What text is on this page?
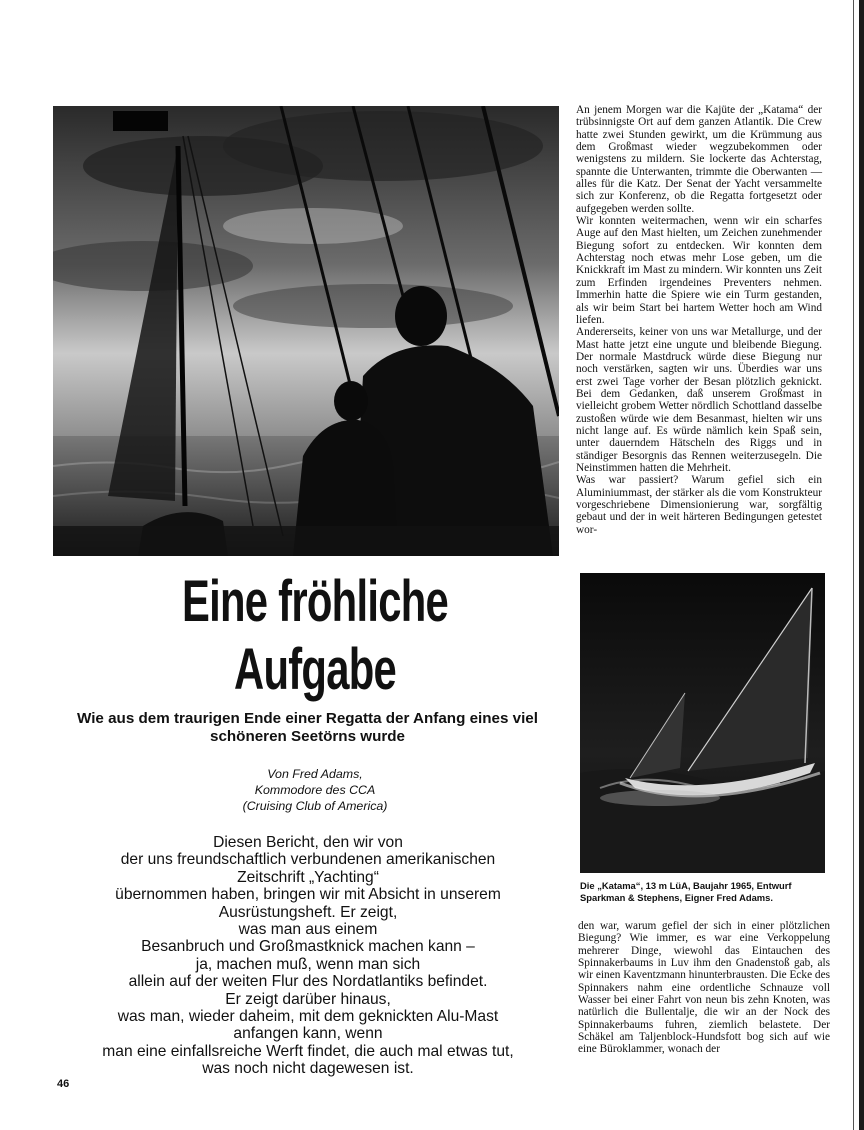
An jenem Morgen war die Kajüte der „Katama“ der trübsinnigste Ort auf dem ganzen Atlantik. Die Crew hatte zwei Stunden gewirkt, um die Krümmung aus dem Großmast wieder wegzubekommen oder wenigstens zu mildern. Sie lockerte das Achterstag, spannte die Unterwanten, trimmte die Oberwanten — alles für die Katz. Der Senat der Yacht versammelte sich zur Konferenz, ob die Regatta fortgesetzt oder aufgegeben werden sollte.

Wir konnten weitermachen, wenn wir ein scharfes Auge auf den Mast hielten, um Zeichen zunehmender Biegung sofort zu entdecken. Wir konnten dem Achterstag noch etwas mehr Lose geben, um die Knickkraft im Mast zu mindern. Wir konnten uns Zeit zum Erfinden irgendeines Preventers nehmen. Immerhin hatte die Spiere wie ein Turm gestanden, als wir beim Start bei hartem Wetter hoch am Wind liefen.

Andererseits, keiner von uns war Metallurge, und der Mast hatte jetzt eine ungute und bleibende Biegung. Der normale Mastdruck würde diese Biegung nur noch verstärken, sagten wir uns. Überdies war uns erst zwei Tage vorher der Besan plötzlich geknickt. Bei dem Gedanken, daß unserem Großmast in vielleicht grobem Wetter nördlich Schottland dasselbe zustoßen würde wie dem Besanmast, hielten wir uns nicht lange auf. Es würde nämlich kein Spaß sein, unter dauerndem Hätscheln des Riggs und in ständiger Besorgnis das Rennen weiterzusegeln. Die Neinstimmen hatten die Mehrheit.

Was war passiert? Warum gefiel sich ein Aluminiummast, der stärker als die vom Konstrukteur vorgeschriebene Dimensionierung war, sorgfältig gebaut und der in weit härteren Bedingungen getestet wor-

Die „Katama“, 13 m LüA, Baujahr 1965, Entwurf Sparkman & Stephens, Eigner Fred Adams.

den war, warum gefiel der sich in einer plötzlichen Biegung? Wie immer, es war eine Verkoppelung mehrerer Dinge, wiewohl das Eintauchen des Spinnakerbaums in Luv ihm den Gnadenstoß gab, als wir einen Kaventzmann hinunterbrausten. Die Ecke des Spinnakers nahm eine ordentliche Schnauze voll Wasser bei einer Fahrt von neun bis zehn Knoten, was natürlich die Bullentalje, die wir an der Nock des Spinnakerbaums fuhren, ziemlich belastete. Der Schäkel am Taljenblock-Hundsfott bog sich auf wie eine Büroklammer, wonach der

Eine fröhliche
Aufgabe
Wie aus dem traurigen Ende einer Regatta der Anfang eines viel
schöneren Seetörns wurde
Von Fred Adams,
Kommodore des CCA
(Cruising Club of America)
Diesen Bericht, den wir von
der uns freundschaftlich verbundenen amerikanischen
Zeitschrift „Yachting“
übernommen haben, bringen wir mit Absicht in unserem
Ausrüstungsheft. Er zeigt,
was man aus einem
Besanbruch und Großmastknick machen kann –
ja, machen muß, wenn man sich
allein auf der weiten Flur des Nordatlantiks befindet.
Er zeigt darüber hinaus,
was man, wieder daheim, mit dem geknickten Alu-Mast
anfangen kann, wenn
man eine einfallsreiche Werft findet, die auch mal etwas tut,
was noch nicht dagewesen ist.
46
